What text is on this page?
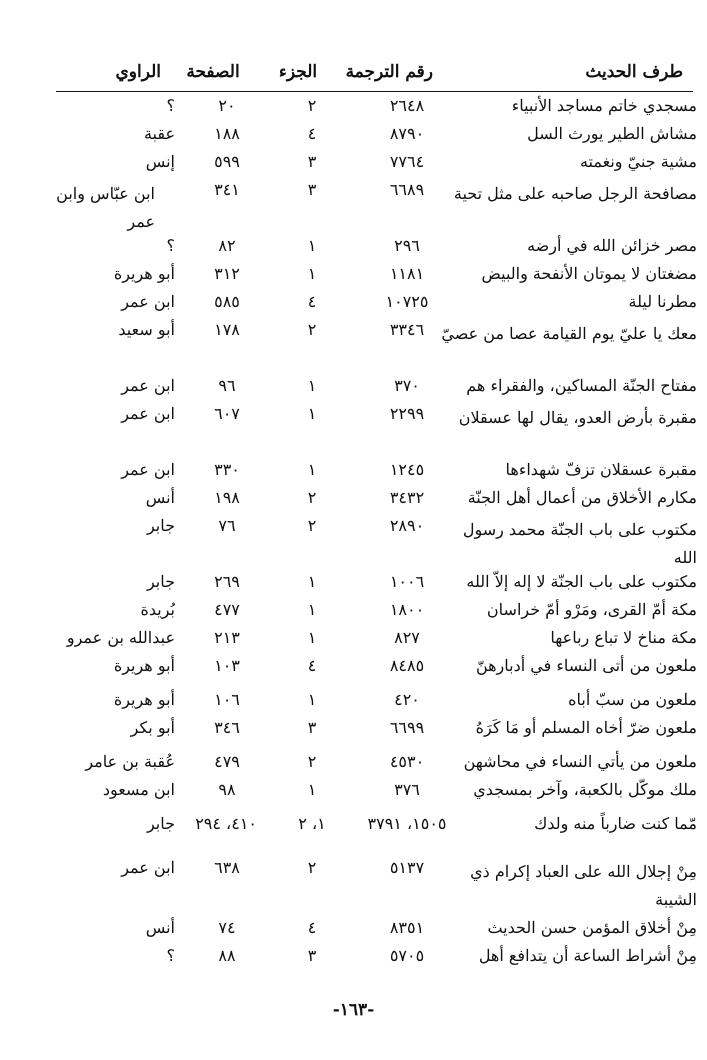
طرف الحديث
رقم الترجمة
الجزء
الصفحة
الراوي
مسجدي خاتم مساجد الأنبياء
٢٦٤٨
٢
٢٠
؟
مشاش الطير يورث السل
٨٧٩٠
٤
١٨٨
عقبة
مشية جنيّ ونغمته
٧٧٦٤
٣
٥٩٩
إنس
مصافحة الرجل صاحبه على مثل تحية
٦٦٨٩
٣
٣٤١
ابن عبّاس وابن عمر
مصر خزائن الله في أرضه
٢٩٦
١
٨٢
؟
مضغتان لا يموتان الأنفحة والبيض
١١٨١
١
٣١٢
أبو هريرة
مطرنا ليلة
١٠٧٢٥
٤
٥٨٥
ابن عمر
معك يا عليّ يوم القيامة عصا من عصيّ
٣٣٤٦
٢
١٧٨
أبو سعيد
مفتاح الجنّة المساكين، والفقراء هم
٣٧٠
١
٩٦
ابن عمر
مقبرة بأرض العدو، يقال لها عسقلان
٢٢٩٩
١
٦٠٧
ابن عمر
مقبرة عسقلان تزفّ شهداءها
١٢٤٥
١
٣٣٠
ابن عمر
مكارم الأخلاق من أعمال أهل الجنّة
٣٤٣٢
٢
١٩٨
أنس
مكتوب على باب الجنّة محمد رسول الله
٢٨٩٠
٢
٧٦
جابر
مكتوب على باب الجنّة لا إله إلاّ الله
١٠٠٦
١
٢٦٩
جابر
مكة أمّ القرى، ومَرْو أمّ خراسان
١٨٠٠
١
٤٧٧
بُريدة
مكة مناخ لا تباع رباعها
٨٢٧
١
٢١٣
عبدالله بن عمرو
ملعون من أتى النساء في أدبارهنّ
٨٤٨٥
٤
١٠٣
أبو هريرة
ملعون من سبّ أباه
٤٢٠
١
١٠٦
أبو هريرة
ملعون ضرّ أخاه المسلم أو مَا كَرَهُ
٦٦٩٩
٣
٣٤٦
أبو بكر
ملعون من يأتي النساء في محاشهن
٤٥٣٠
٢
٤٧٩
عُقبة بن عامر
ملك موكّل بالكعبة، وآخر بمسجدي
٣٧٦
١
٩٨
ابن مسعود
مّما كنت ضارباً منه ولدك
١٥٠٥، ٣٧٩١
١، ٢
٤١٠، ٢٩٤
جابر
مِنْ إجلال الله على العباد إكرام ذي الشيبة
٥١٣٧
٢
٦٣٨
ابن عمر
مِنْ أخلاق المؤمن حسن الحديث
٨٣٥١
٤
٧٤
أنس
مِنْ أشراط الساعة أن يتدافع أهل
٥٧٠٥
٣
٨٨
؟
-١٦٣-
